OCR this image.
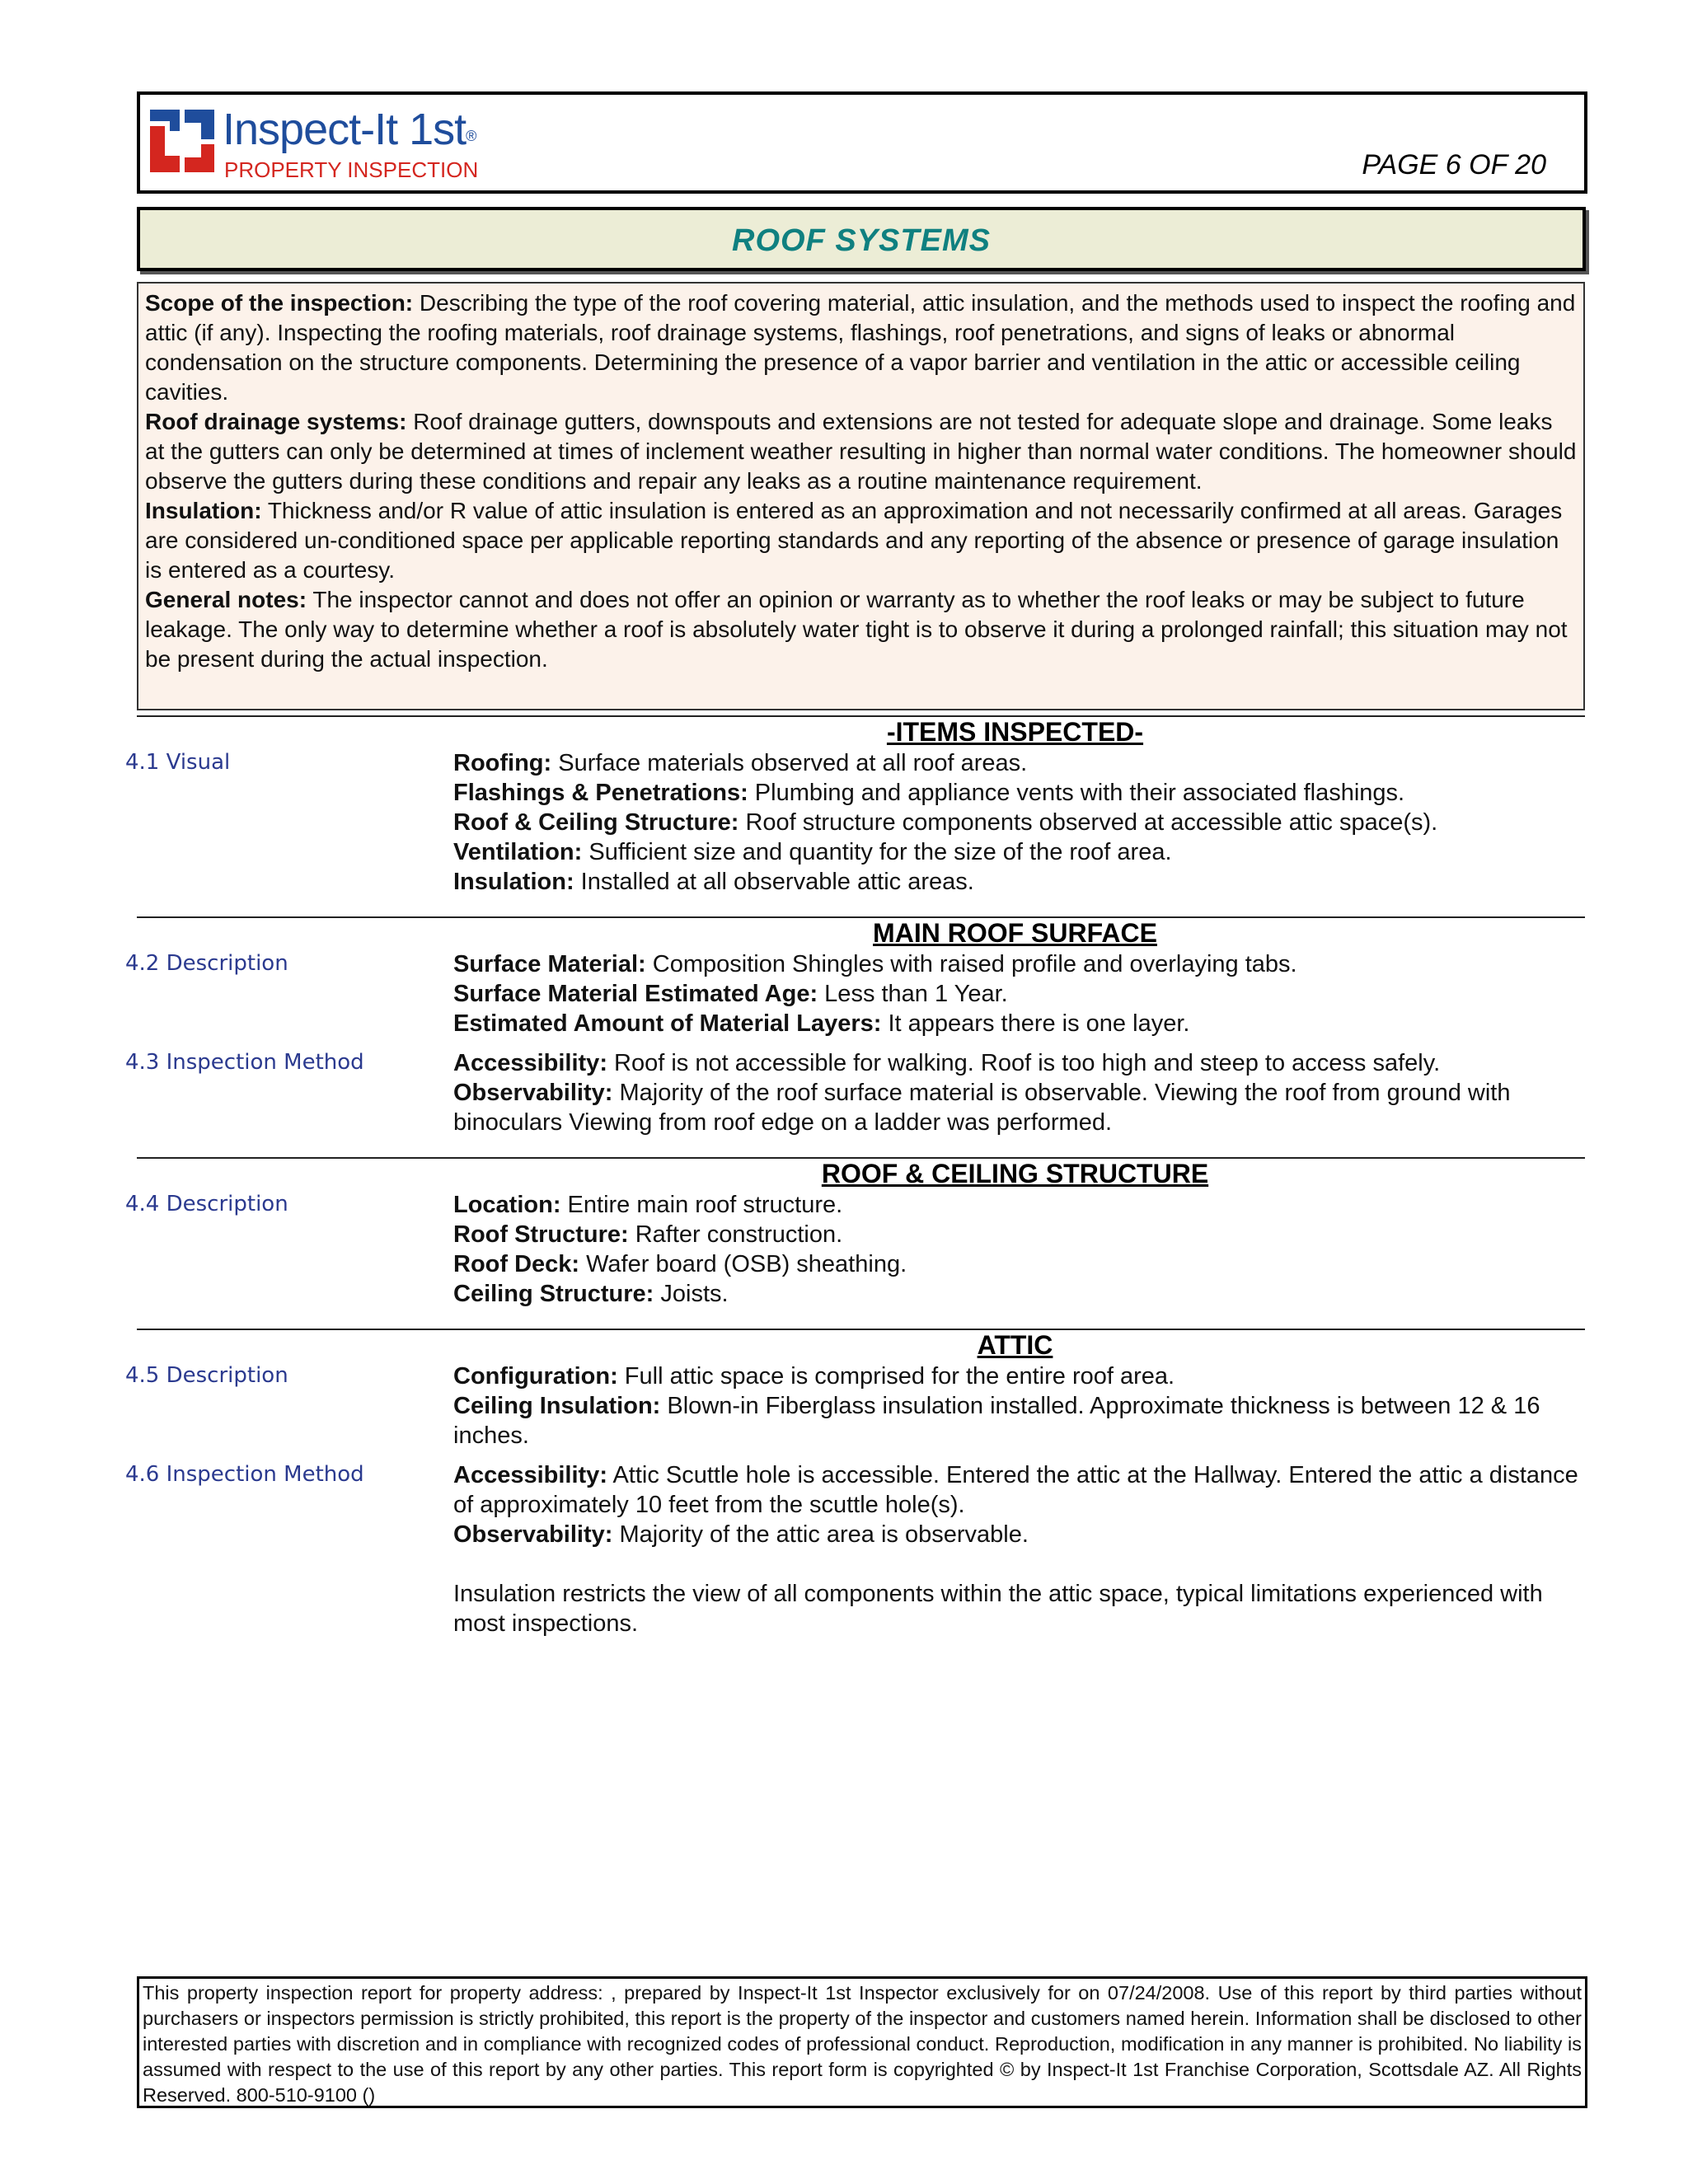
Inspect-It 1st®
PROPERTY INSPECTION	PAGE 6 OF 20
ROOF SYSTEMS

Scope of the inspection: Describing the type of the roof covering material, attic insulation, and the methods used to inspect the roofing and attic (if any). Inspecting the roofing materials, roof drainage systems, flashings, roof penetrations, and signs of leaks or abnormal condensation on the structure components. Determining the presence of a vapor barrier and ventilation in the attic or accessible ceiling cavities.

Roof drainage systems: Roof drainage gutters, downspouts and extensions are not tested for adequate slope and drainage. Some leaks at the gutters can only be determined at times of inclement weather resulting in higher than normal water conditions. The homeowner should observe the gutters during these conditions and repair any leaks as a routine maintenance requirement.

Insulation: Thickness and/or R value of attic insulation is entered as an approximation and not necessarily confirmed at all areas. Garages are considered un-conditioned space per applicable reporting standards and any reporting of the absence or presence of garage insulation is entered as a courtesy.

General notes: The inspector cannot and does not offer an opinion or warranty as to whether the roof leaks or may be subject to future leakage. The only way to determine whether a roof is absolutely water tight is to observe it during a prolonged rainfall; this situation may not be present during the actual inspection.

-ITEMS INSPECTED-
4.1 Visual	Roofing: Surface materials observed at all roof areas.

Flashings & Penetrations: Plumbing and appliance vents with their associated flashings.

Roof & Ceiling Structure: Roof structure components observed at accessible attic space(s).

Ventilation: Sufficient size and quantity for the size of the roof area.

Insulation: Installed at all observable attic areas.

MAIN ROOF SURFACE
4.2 Description	Surface Material: Composition Shingles with raised profile and overlaying tabs.

Surface Material Estimated Age: Less than 1 Year.

Estimated Amount of Material Layers: It appears there is one layer.

4.3 Inspection Method	Accessibility: Roof is not accessible for walking. Roof is too high and steep to access safely.

Observability: Majority of the roof surface material is observable. Viewing the roof from ground with binoculars Viewing from roof edge on a ladder was performed.

ROOF & CEILING STRUCTURE
4.4 Description	Location: Entire main roof structure.

Roof Structure: Rafter construction.

Roof Deck: Wafer board (OSB) sheathing.

Ceiling Structure: Joists.

ATTIC
4.5 Description	Configuration: Full attic space is comprised for the entire roof area.

Ceiling Insulation: Blown-in Fiberglass insulation installed. Approximate thickness is between 12 & 16 inches.

4.6 Inspection Method	Accessibility: Attic Scuttle hole is accessible. Entered the attic at the Hallway. Entered the attic a distance of approximately 10 feet from the scuttle hole(s).

Observability: Majority of the attic area is observable.

Insulation restricts the view of all components within the attic space, typical limitations experienced with most inspections.

This property inspection report for property address: , prepared by Inspect-It 1st Inspector exclusively for on 07/24/2008. Use of this report by third parties without purchasers or inspectors permission is strictly prohibited, this report is the property of the inspector and customers named herein. Information shall be disclosed to other interested parties with discretion and in compliance with recognized codes of professional conduct. Reproduction, modification in any manner is prohibited. No liability is assumed with respect to the use of this report by any other parties. This report form is copyrighted © by Inspect-It 1st Franchise Corporation, Scottsdale AZ. All Rights Reserved. 800-510-9100 ()
